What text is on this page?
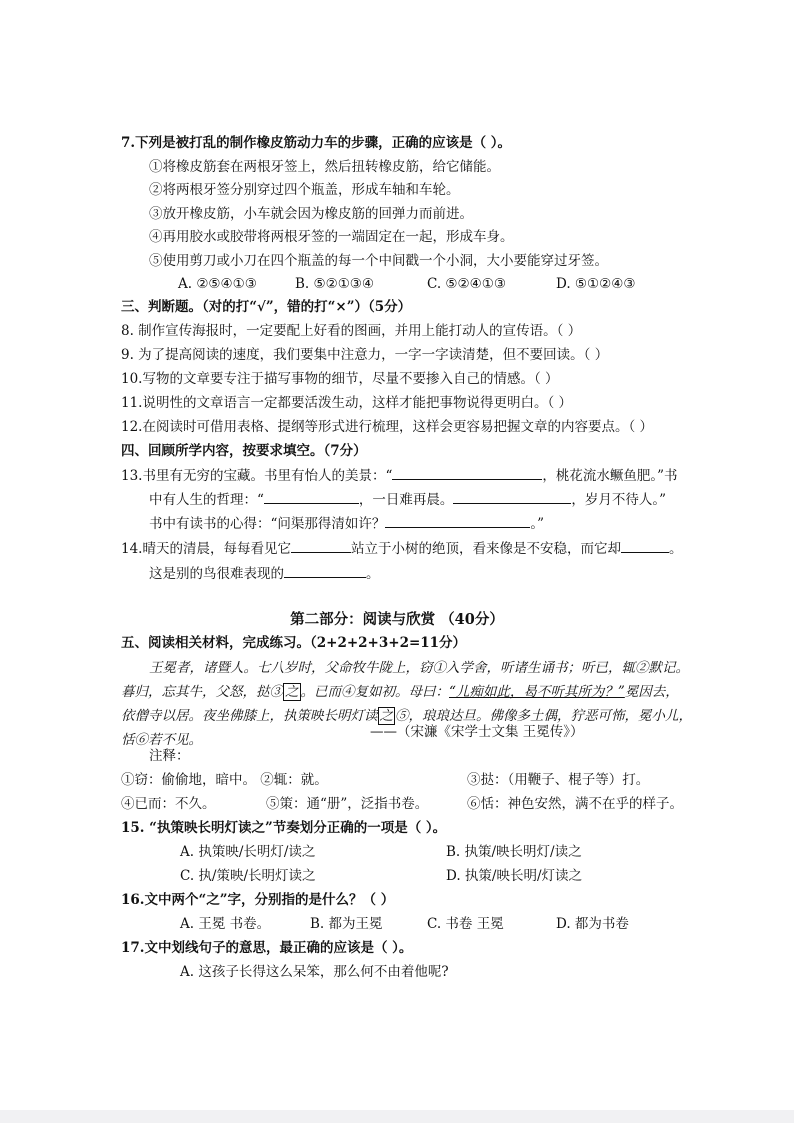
7.下列是被打乱的制作橡皮筋动力车的步骤，正确的应该是（ ）。
①将橡皮筋套在两根牙签上，然后扭转橡皮筋，给它储能。
②将两根牙签分别穿过四个瓶盖，形成车轴和车轮。
③放开橡皮筋，小车就会因为橡皮筋的回弹力而前进。
④再用胶水或胶带将两根牙签的一端固定在一起，形成车身。
⑤使用剪刀或小刀在四个瓶盖的每一个中间戳一个小洞，大小要能穿过牙签。
A. ②⑤④①③	B. ⑤②①③④	C. ⑤②④①③	D. ⑤①②④③
三、判断题。（对的打“√”，错的打“×”）（5分）
8. 制作宣传海报时，一定要配上好看的图画，并用上能打动人的宣传语。（ ）
9. 为了提高阅读的速度，我们要集中注意力，一字一字读清楚，但不要回读。（ ）
10.写物的文章要专注于描写事物的细节，尽量不要掺入自己的情感。（ ）
11.说明性的文章语言一定都要活泼生动，这样才能把事物说得更明白。（ ）
12.在阅读时可借用表格、提纲等形式进行梳理，这样会更容易把握文章的内容要点。（ ）
四、回顾所学内容，按要求填空。（7分）
13.书里有无穷的宝藏。书里有怡人的美景：“	，桃花流水鳜鱼肥。”书
中有人生的哲理：“	，一日难再晨。	，岁月不待人。”
书中有读书的心得：“问渠那得清如许？	。”
14.晴天的清晨，每每看见它	站立于小树的绝顶，看来像是不安稳，而它却	。
这是别的鸟很难表现的	。
第二部分：阅读与欣赏 （40分）
五、阅读相关材料，完成练习。（2+2+2+3+2=11分）
王冕者，诸暨人。七八岁时，父命牧牛陇上，窃①入学舍，听诸生诵书；听已，辄②默记。
暮归，忘其牛，父怒，挞③ 之 。已而④复如初。母曰：“儿痴如此，曷不听其所为？”冕因去，
依僧寺以居。夜坐佛膝上，执策映长明灯读 之 ⑤，琅琅达旦。佛像多土偶，狞恶可怖，冕小儿，
恬⑥若不见。	——（宋濂《宋学士文集 王冕传》）
注释：
①窃：偷偷地，暗中。 ②辄：就。	③挞：（用鞭子、棍子等）打。
④已而：不久。	⑤策：通“册”，泛指书卷。	⑥恬：神色安然，满不在乎的样子。
15. “执策映长明灯读之”节奏划分正确的一项是（ ）。
A. 执策映/长明灯/读之	B. 执策/映长明灯/读之
C. 执/策映/长明灯读之	D. 执策/映长明/灯读之
16.文中两个“之”字，分别指的是什么？（ ）
A. 王冕 书卷。	B. 都为王冕	C. 书卷 王冕	D. 都为书卷
17.文中划线句子的意思，最正确的应该是（ ）。
A. 这孩子长得这么呆笨，那么何不由着他呢?
